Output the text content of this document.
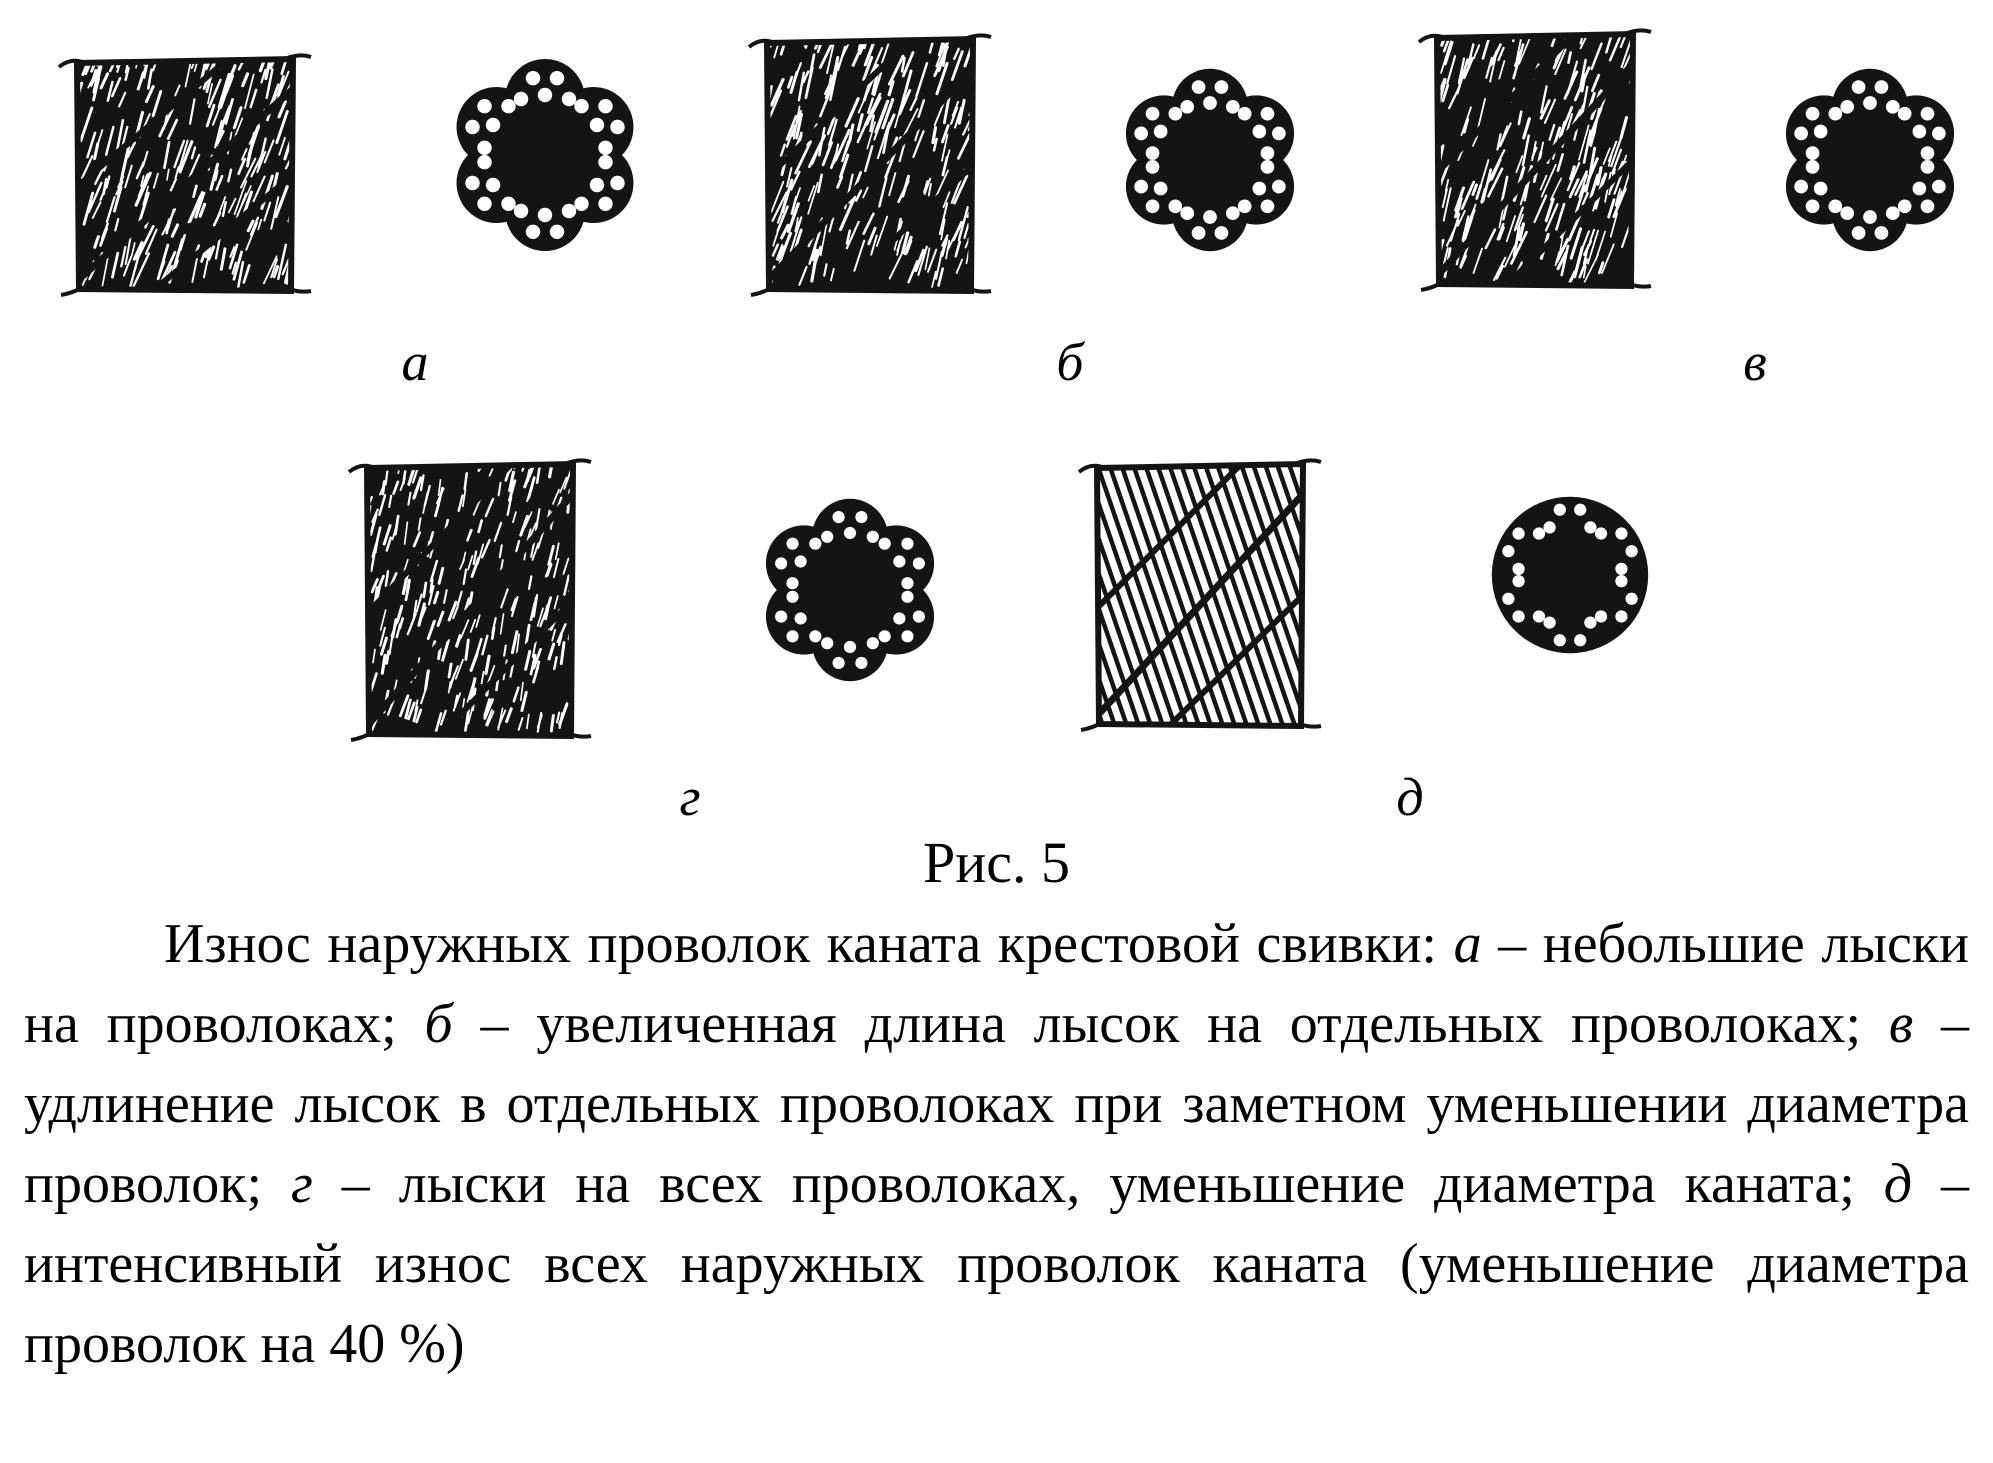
а	б	в
г	д
Рис. 5
Износ наружных проволок каната крестовой свивки: а – небольшие лыски на проволоках; б – увеличенная длина лысок на отдельных проволоках; в – удлинение лысок в отдельных проволоках при заметном уменьшении диаметра проволок; г – лыски на всех проволоках, уменьшение диаметра каната; д – интенсивный износ всех наружных проволок каната (уменьшение диаметра проволок на 40 %)
